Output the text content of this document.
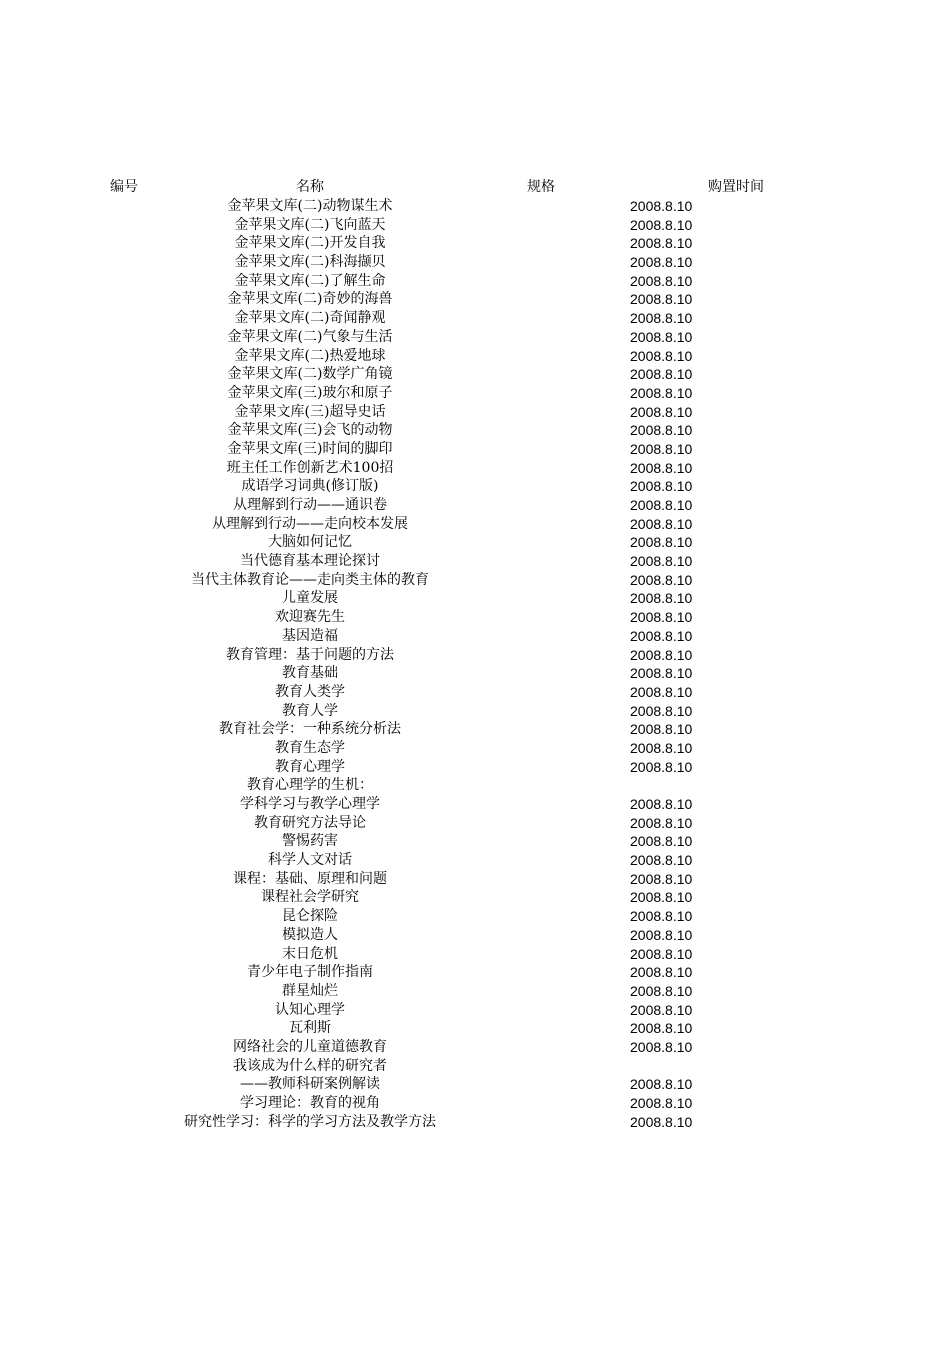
编号	名称	规格	购置时间
金苹果文库(二)动物谋生术	2008.8.10
金苹果文库(二)飞向蓝天	2008.8.10
金苹果文库(二)开发自我	2008.8.10
金苹果文库(二)科海撷贝	2008.8.10
金苹果文库(二)了解生命	2008.8.10
金苹果文库(二)奇妙的海兽	2008.8.10
金苹果文库(二)奇闻静观	2008.8.10
金苹果文库(二)气象与生活	2008.8.10
金苹果文库(二)热爱地球	2008.8.10
金苹果文库(二)数学广角镜	2008.8.10
金苹果文库(三)玻尔和原子	2008.8.10
金苹果文库(三)超导史话	2008.8.10
金苹果文库(三)会飞的动物	2008.8.10
金苹果文库(三)时间的脚印	2008.8.10
班主任工作创新艺术100招	2008.8.10
成语学习词典(修订版)	2008.8.10
从理解到行动——通识卷	2008.8.10
从理解到行动——走向校本发展	2008.8.10
大脑如何记忆	2008.8.10
当代德育基本理论探讨	2008.8.10
当代主体教育论——走向类主体的教育	2008.8.10
儿童发展	2008.8.10
欢迎赛先生	2008.8.10
基因造福	2008.8.10
教育管理：基于问题的方法	2008.8.10
教育基础	2008.8.10
教育人类学	2008.8.10
教育人学	2008.8.10
教育社会学：一种系统分析法	2008.8.10
教育生态学	2008.8.10
教育心理学	2008.8.10
教育心理学的生机：
学科学习与教学心理学	2008.8.10
教育研究方法导论	2008.8.10
警惕药害	2008.8.10
科学人文对话	2008.8.10
课程：基础、原理和问题	2008.8.10
课程社会学研究	2008.8.10
昆仑探险	2008.8.10
模拟造人	2008.8.10
末日危机	2008.8.10
青少年电子制作指南	2008.8.10
群星灿烂	2008.8.10
认知心理学	2008.8.10
瓦利斯	2008.8.10
网络社会的儿童道德教育	2008.8.10
我该成为什么样的研究者
——教师科研案例解读	2008.8.10
学习理论：教育的视角	2008.8.10
研究性学习：科学的学习方法及教学方法	2008.8.10
